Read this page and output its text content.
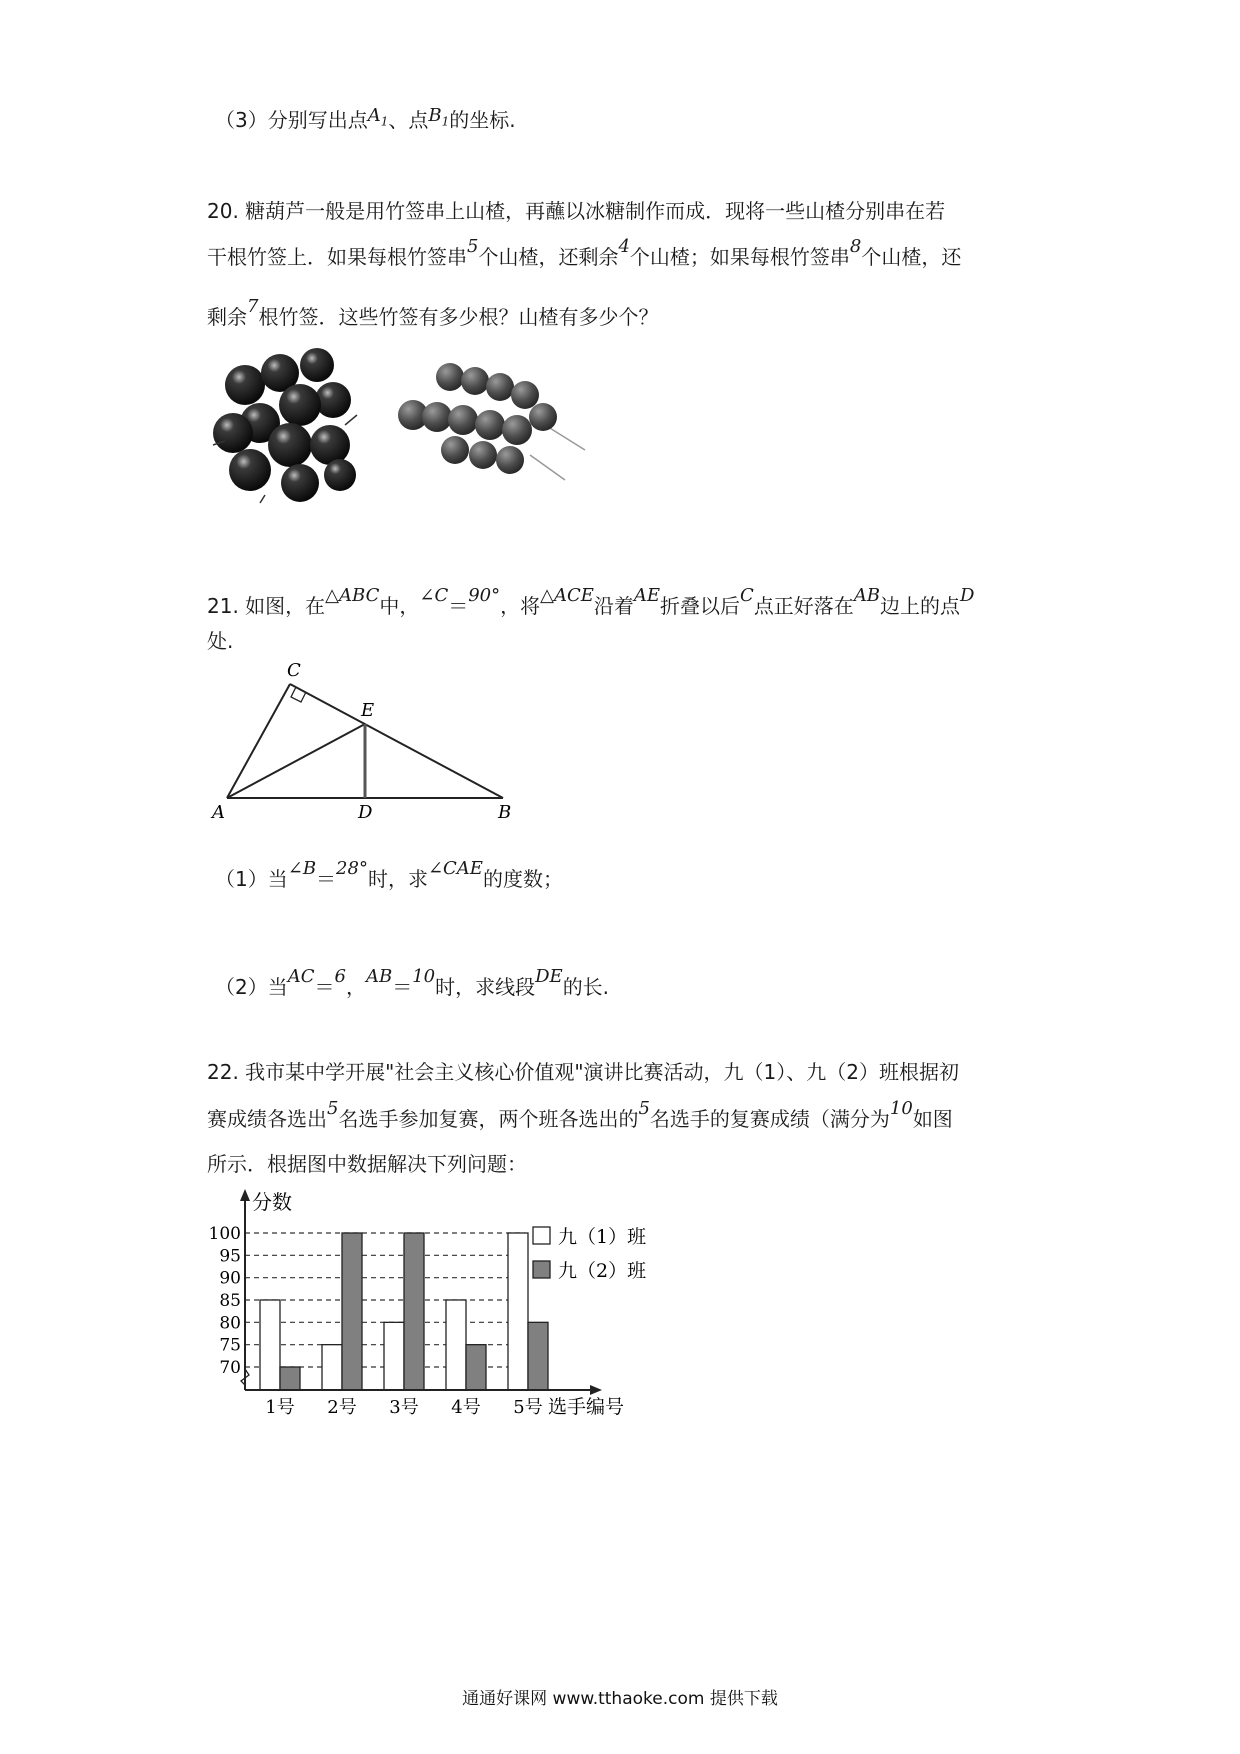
（3）分别写出点$A_1$、点$B_1$的坐标.
20. 糖葫芦一般是用竹签串上山楂，再蘸以冰糖制作而成．现将一些山楂分别串在若
干根竹签上．如果每根竹签串5个山楂，还剩余4个山楂；如果每根竹签串8个山楂，还
剩余7根竹签．这些竹签有多少根？山楂有多少个？
21. 如图，在△ABC中，∠C＝90°，将△ACE沿着AE折叠以后C点正好落在AB边上的点D
处.
C
E
A	D	B
（1）当∠B＝28°时，求∠CAE的度数；
（2）当AC＝6，AB＝10时，求线段DE的长.
22. 我市某中学开展"社会主义核心价值观"演讲比赛活动，九（1）、九（2）班根据初
赛成绩各选出5名选手参加复赛，两个班各选出的5名选手的复赛成绩（满分为10如图
所示．根据图中数据解决下列问题：
70
75
80
85
90
95
100
1号 2号 3号 4号 5号
九（1）班
九（2）班
分数
选手编号
通通好课网 www.tthaoke.com 提供下载
